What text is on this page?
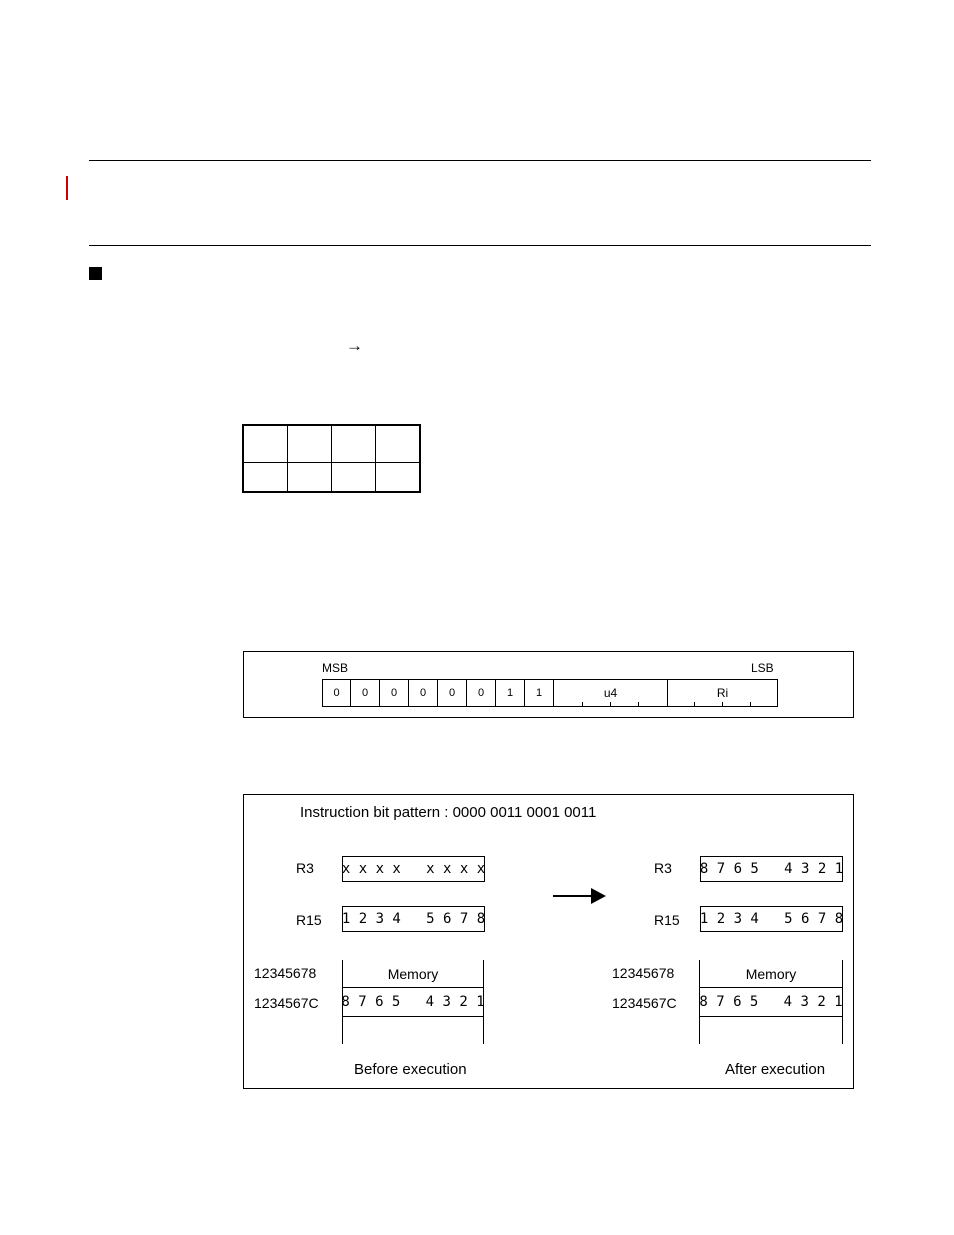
→

MSB	LSB
0	0	0	0	0	0	1	1	u4	Ri
Instruction bit pattern : 0000 0011 0001 0011
R3 x x x x   x x x x
R15 1 2 3 4   5 6 7 8
12345678
1234567C
Memory
8 7 6 5   4 3 2 1
Before execution
R3 8 7 6 5   4 3 2 1
R15 1 2 3 4   5 6 7 8
12345678
1234567C
Memory
8 7 6 5   4 3 2 1
After execution
